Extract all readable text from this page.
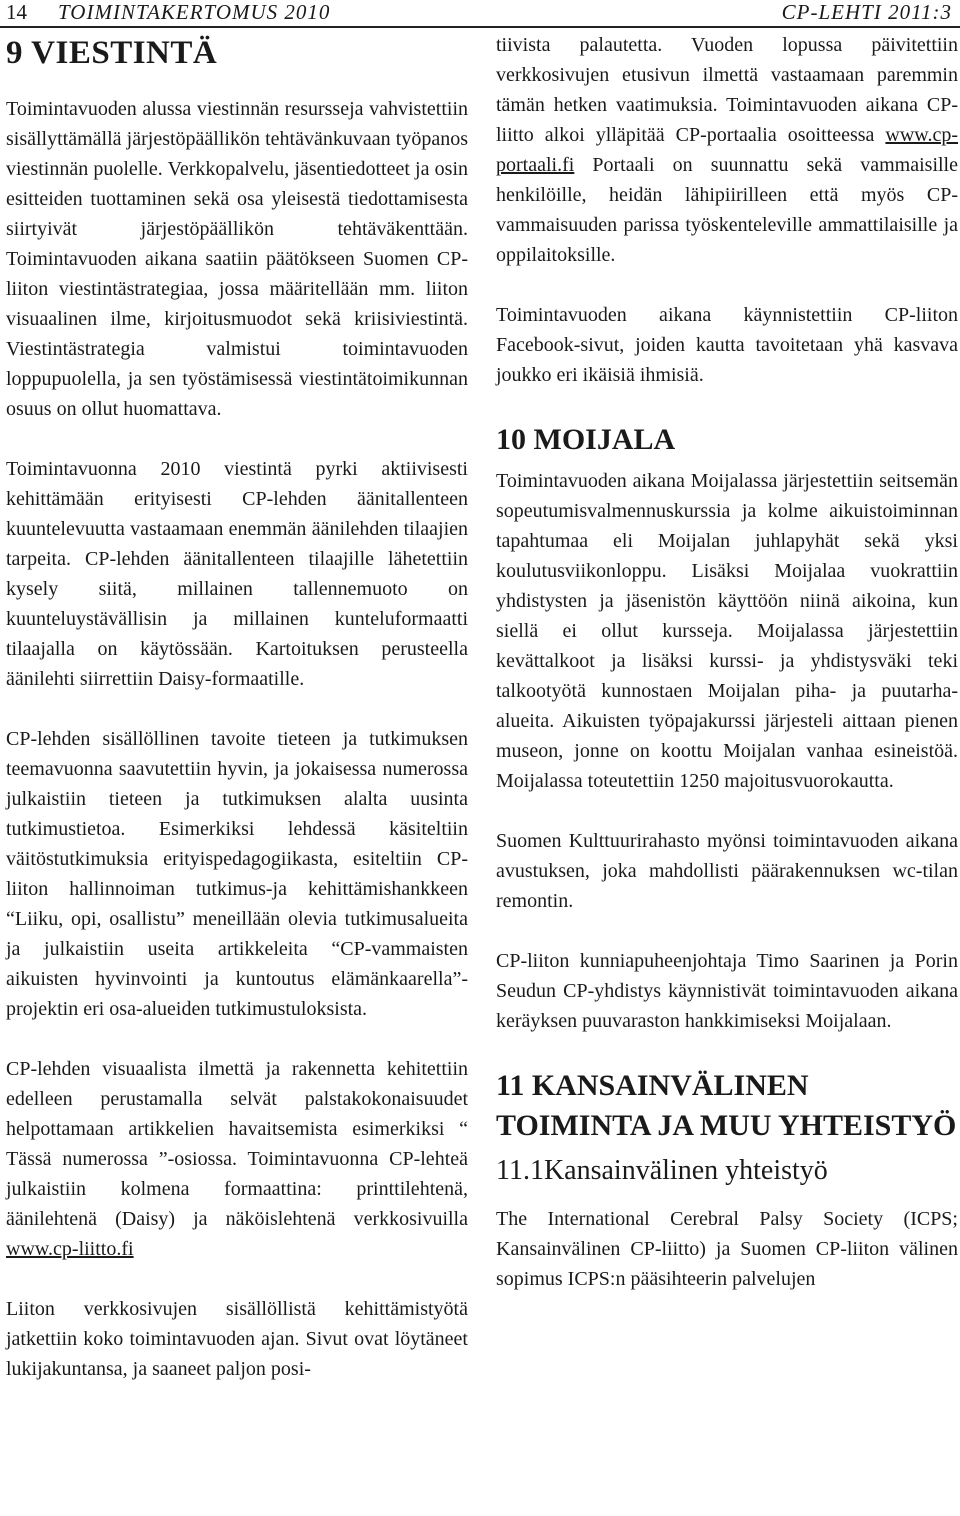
14 TOIMINTAKERTOMUS 2010	CP-LEHTI 2011:3
9 VIESTINTÄ

Toimintavuoden alussa viestinnän resursseja vahvistettiin sisällyttämällä järjestöpäällikön tehtävänkuvaan työpanos viestinnän puolelle. Verkkopalvelu, jäsentiedotteet ja osin esitteiden tuottaminen sekä osa yleisestä tiedottamisesta siirtyivät järjestöpäällikön tehtäväkenttään. Toimintavuoden aikana saatiin päätökseen Suomen CP-liiton viestintästrategiaa, jossa määritellään mm. liiton visuaalinen ilme, kirjoitusmuodot sekä kriisiviestintä. Viestintästrategia valmistui toimintavuoden loppupuolella, ja sen työstämisessä viestintätoimikunnan osuus on ollut huomattava.

Toimintavuonna 2010 viestintä pyrki aktiivisesti kehittämään erityisesti CP-lehden äänitallenteen kuuntelevuutta vastaamaan enemmän äänilehden tilaajien tarpeita. CP-lehden äänitallenteen tilaajille lähetettiin kysely siitä, millainen tallennemuoto on kuunteluystävällisin ja millainen kunteluformaatti tilaajalla on käytössään. Kartoituksen perusteella äänilehti siirrettiin Daisy-formaatille.

CP-lehden sisällöllinen tavoite tieteen ja tutkimuksen teemavuonna saavutettiin hyvin, ja jokaisessa numerossa julkaistiin tieteen ja tutkimuksen alalta uusinta tutkimustietoa. Esimerkiksi lehdessä käsiteltiin väitöstutkimuksia erityispedagogiikasta, esiteltiin CP-liiton hallinnoiman tutkimus-ja kehittämishankkeen “Liiku, opi, osallistu” meneillään olevia tutkimusalueita ja julkaistiin useita artikkeleita “CP-vammaisten aikuisten hyvinvointi ja kuntoutus elämänkaarella”-projektin eri osa-alueiden tutkimustuloksista.

CP-lehden visuaalista ilmettä ja rakennetta kehitettiin edelleen perustamalla selvät palstakokonaisuudet helpottamaan artikkelien havaitsemista esimerkiksi “ Tässä numerossa ”-osiossa. Toimintavuonna CP-lehteä julkaistiin kolmena formaattina: printtilehtenä, äänilehtenä (Daisy) ja näköislehtenä verkkosivuilla www.cp-liitto.fi

Liiton verkkosivujen sisällöllistä kehittämistyötä jatkettiin koko toimintavuoden ajan. Sivut ovat löytäneet lukijakuntansa, ja saaneet paljon posi-

tiivista palautetta. Vuoden lopussa päivitettiin verkkosivujen etusivun ilmettä vastaamaan paremmin tämän hetken vaatimuksia. Toimintavuoden aikana CP-liitto alkoi ylläpitää CP-portaalia osoitteessa www.cp-portaali.fi Portaali on suunnattu sekä vammaisille henkilöille, heidän lähipiirilleen että myös CP-vammaisuuden parissa työskenteleville ammattilaisille ja oppilaitoksille.

Toimintavuoden aikana käynnistettiin CP-liiton Facebook-sivut, joiden kautta tavoitetaan yhä kasvava joukko eri ikäisiä ihmisiä.

10 MOIJALA

Toimintavuoden aikana Moijalassa järjestettiin seitsemän sopeutumisvalmennuskurssia ja kolme aikuistoiminnan tapahtumaa eli Moijalan juhlapyhät sekä yksi koulutusviikonloppu. Lisäksi Moijalaa vuokrattiin yhdistysten ja jäsenistön käyttöön niinä aikoina, kun siellä ei ollut kursseja. Moijalassa järjestettiin kevättalkoot ja lisäksi kurssi- ja yhdistysväki teki talkootyötä kunnostaen Moijalan piha- ja puutarha-alueita. Aikuisten työpajakurssi järjesteli aittaan pienen museon, jonne on koottu Moijalan vanhaa esineistöä. Moijalassa toteutettiin 1250 majoitusvuorokautta.

Suomen Kulttuurirahasto myönsi toimintavuoden aikana avustuksen, joka mahdollisti päärakennuksen wc-tilan remontin.

CP-liiton kunniapuheenjohtaja Timo Saarinen ja Porin Seudun CP-yhdistys käynnistivät toimintavuoden aikana keräyksen puuvaraston hankkimiseksi Moijalaan.

11 KANSAINVÄLINEN TOIMINTA JA MUU YHTEISTYÖ
11.1Kansainvälinen yhteistyö

The International Cerebral Palsy Society (ICPS; Kansainvälinen CP-liitto) ja Suomen CP-liiton välinen sopimus ICPS:n pääsihteerin palvelujen
